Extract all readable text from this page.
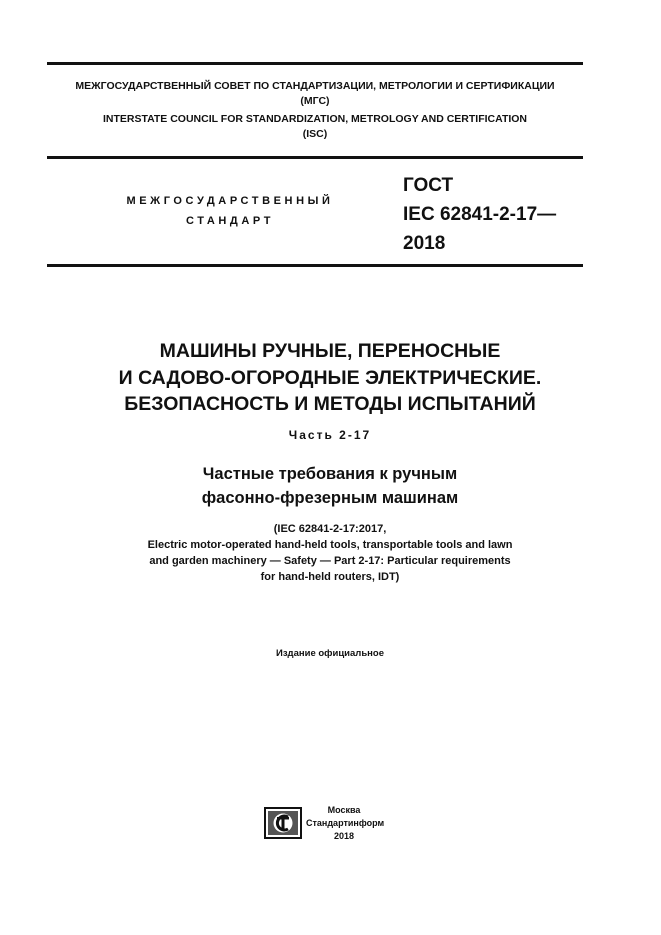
МЕЖГОСУДАРСТВЕННЫЙ СОВЕТ ПО СТАНДАРТИЗАЦИИ, МЕТРОЛОГИИ И СЕРТИФИКАЦИИ
(МГС)
INTERSTATE COUNCIL FOR STANDARDIZATION, METROLOGY AND CERTIFICATION
(ISC)
МЕЖГОСУДАРСТВЕННЫЙ
СТАНДАРТ
ГОСТ
IEC 62841-2-17—
2018
МАШИНЫ РУЧНЫЕ, ПЕРЕНОСНЫЕ
И САДОВО-ОГОРОДНЫЕ ЭЛЕКТРИЧЕСКИЕ.
БЕЗОПАСНОСТЬ И МЕТОДЫ ИСПЫТАНИЙ
Часть 2-17
Частные требования к ручным
фасонно-фрезерным машинам
(IEC 62841-2-17:2017,
Electric motor-operated hand-held tools, transportable tools and lawn
and garden machinery — Safety — Part 2-17: Particular requirements
for hand-held routers, IDT)
Издание официальное
Москва
Стандартинформ
2018
